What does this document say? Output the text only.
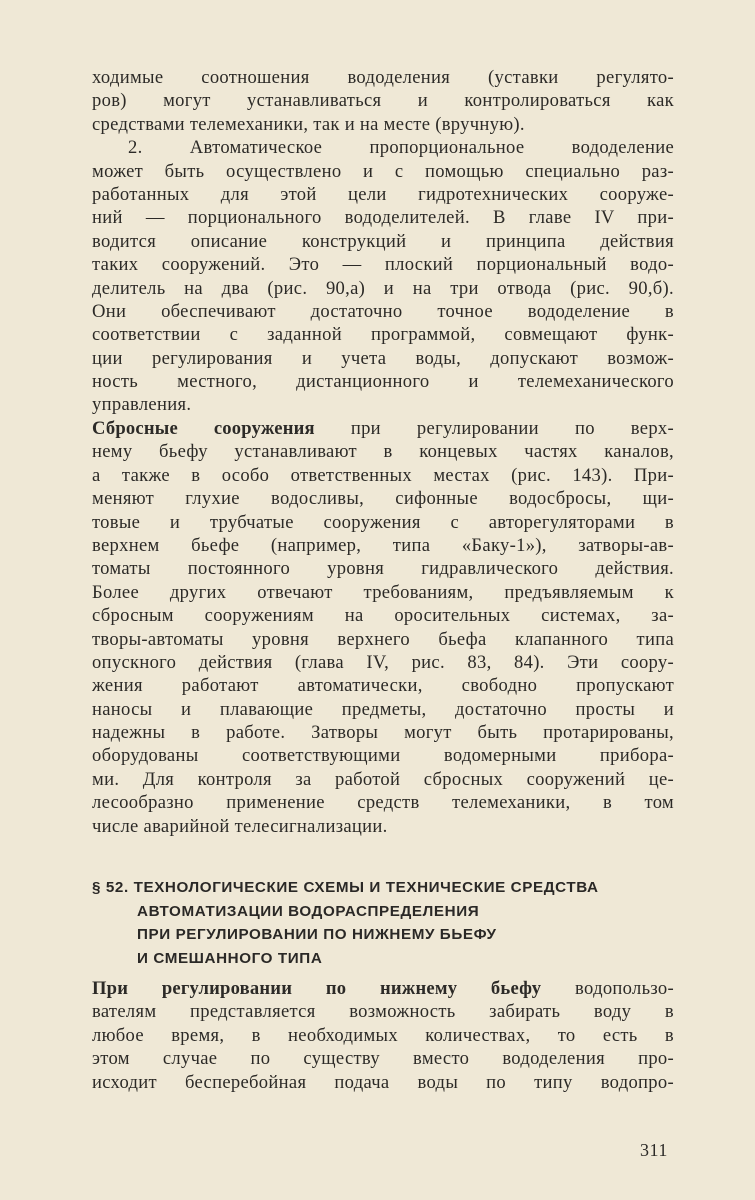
ходимые соотношения вододеления (уставки регулято-
ров) могут устанавливаться и контролироваться как
средствами телемеханики, так и на месте (вручную).
2. Автоматическое пропорциональное вододеление
может быть осуществлено и с помощью специально раз-
работанных для этой цели гидротехнических сооруже-
ний — порционального вододелителей. В главе IV при-
водится описание конструкций и принципа действия
таких сооружений. Это — плоский порциональный водо-
делитель на два (рис. 90,а) и на три отвода (рис. 90,б).
Они обеспечивают достаточно точное вододеление в
соответствии с заданной программой, совмещают функ-
ции регулирования и учета воды, допускают возмож-
ность местного, дистанционного и телемеханического
управления.
Сбросные сооружения при регулировании по верх-
нему бьефу устанавливают в концевых частях каналов,
а также в особо ответственных местах (рис. 143). При-
меняют глухие водосливы, сифонные водосбросы, щи-
товые и трубчатые сооружения с авторегуляторами в
верхнем бьефе (например, типа «Баку-1»), затворы-ав-
томаты постоянного уровня гидравлического действия.
Более других отвечают требованиям, предъявляемым к
сбросным сооружениям на оросительных системах, за-
творы-автоматы уровня верхнего бьефа клапанного типа
опускного действия (глава IV, рис. 83, 84). Эти соору-
жения работают автоматически, свободно пропускают
наносы и плавающие предметы, достаточно просты и
надежны в работе. Затворы могут быть протарированы,
оборудованы соответствующими водомерными прибора-
ми. Для контроля за работой сбросных сооружений це-
лесообразно применение средств телемеханики, в том
числе аварийной телесигнализации.
§ 52. ТЕХНОЛОГИЧЕСКИЕ СХЕМЫ И ТЕХНИЧЕСКИЕ СРЕДСТВА
АВТОМАТИЗАЦИИ ВОДОРАСПРЕДЕЛЕНИЯ
ПРИ РЕГУЛИРОВАНИИ ПО НИЖНЕМУ БЬЕФУ
И СМЕШАННОГО ТИПА
При регулировании по нижнему бьефу водопользо-
вателям представляется возможность забирать воду в
любое время, в необходимых количествах, то есть в
этом случае по существу вместо вододеления про-
исходит бесперебойная подача воды по типу водопро-
311
